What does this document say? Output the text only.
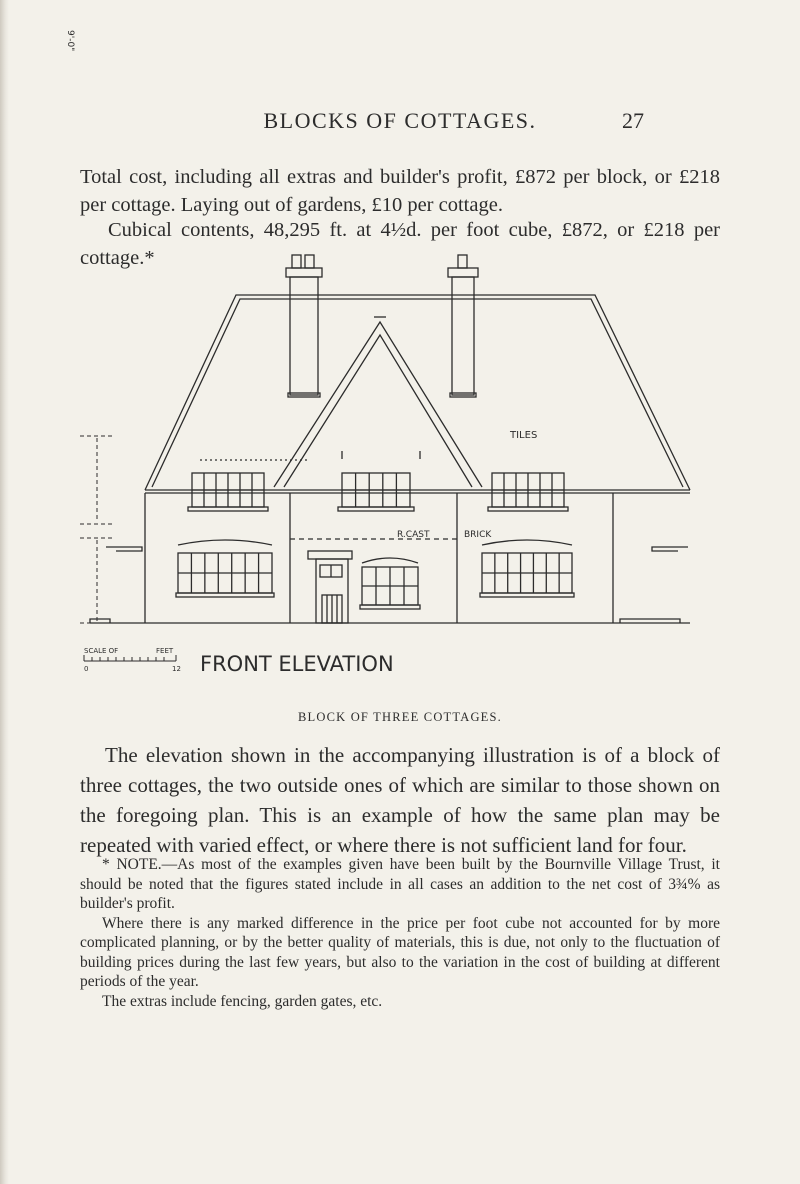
BLOCKS OF COTTAGES.	27

Total cost, including all extras and builder's profit, £872 per block, or £218 per cottage. Laying out of gardens, £10 per cottage.

Cubical contents, 48,295 ft. at 4½d. per foot cube, £872, or £218 per cottage.*

TILES
R.CAST	BRICK
9'-0"
SCALE OF	FEET
0	12 FRONT ELEVATION
BLOCK OF THREE COTTAGES.

The elevation shown in the accompanying illustration is of a block of three cottages, the two outside ones of which are similar to those shown on the foregoing plan. This is an example of how the same plan may be repeated with varied effect, or where there is not sufficient land for four.

* NOTE.—As most of the examples given have been built by the Bournville Village Trust, it should be noted that the figures stated include in all cases an addition to the net cost of 3¾% as builder's profit.

Where there is any marked difference in the price per foot cube not accounted for by more complicated planning, or by the better quality of materials, this is due, not only to the fluctuation of building prices during the last few years, but also to the variation in the cost of building at different periods of the year.

The extras include fencing, garden gates, etc.
